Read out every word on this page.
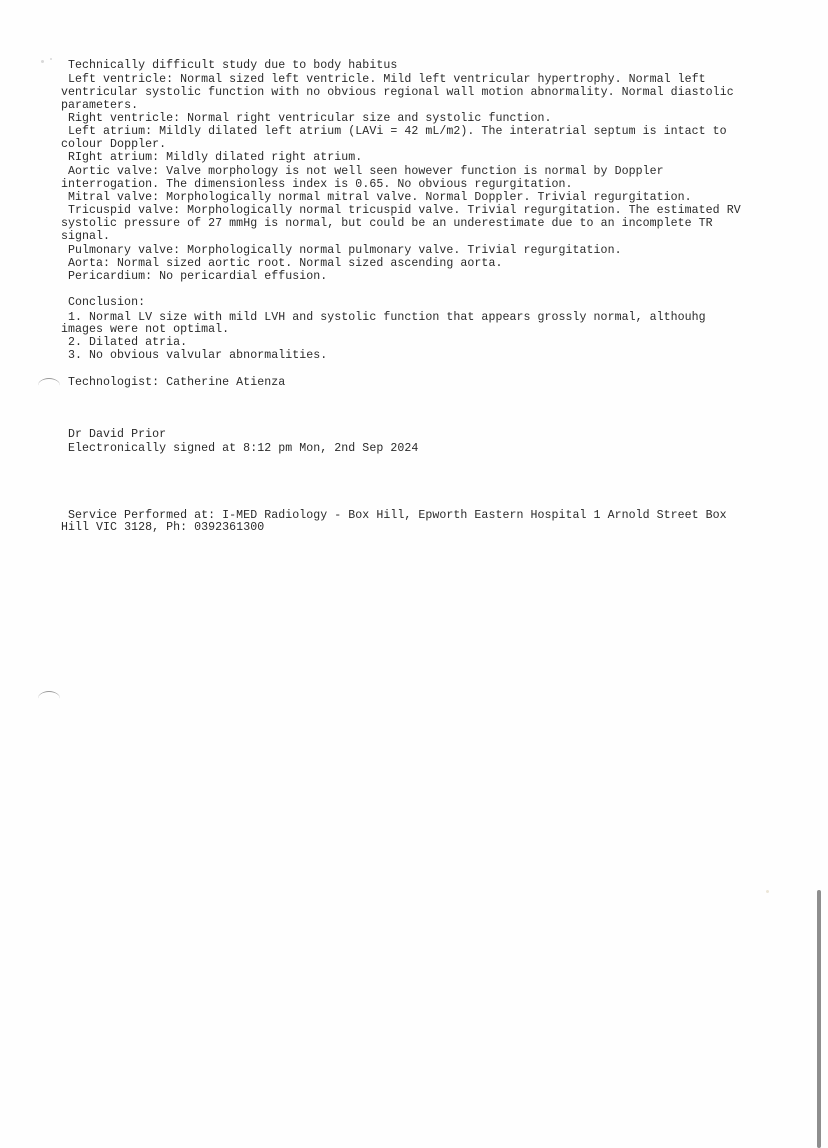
Technically difficult study due to body habitus
Left ventricle: Normal sized left ventricle. Mild left ventricular hypertrophy. Normal left
ventricular systolic function with no obvious regional wall motion abnormality. Normal diastolic
parameters.
Right ventricle: Normal right ventricular size and systolic function.
Left atrium: Mildly dilated left atrium (LAVi = 42 mL/m2). The interatrial septum is intact to
colour Doppler.
RIght atrium: Mildly dilated right atrium.
Aortic valve: Valve morphology is not well seen however function is normal by Doppler
interrogation. The dimensionless index is 0.65. No obvious regurgitation.
Mitral valve: Morphologically normal mitral valve. Normal Doppler. Trivial regurgitation.
Tricuspid valve: Morphologically normal tricuspid valve. Trivial regurgitation. The estimated RV
systolic pressure of 27 mmHg is normal, but could be an underestimate due to an incomplete TR
signal.
Pulmonary valve: Morphologically normal pulmonary valve. Trivial regurgitation.
Aorta: Normal sized aortic root. Normal sized ascending aorta.
Pericardium: No pericardial effusion.
Conclusion:
1. Normal LV size with mild LVH and systolic function that appears grossly normal, althouhg
images were not optimal.
2. Dilated atria.
3. No obvious valvular abnormalities.
Technologist: Catherine Atienza
Dr David Prior
Electronically signed at 8:12 pm Mon, 2nd Sep 2024
Service Performed at: I-MED Radiology - Box Hill, Epworth Eastern Hospital 1 Arnold Street Box
Hill VIC 3128, Ph: 0392361300
